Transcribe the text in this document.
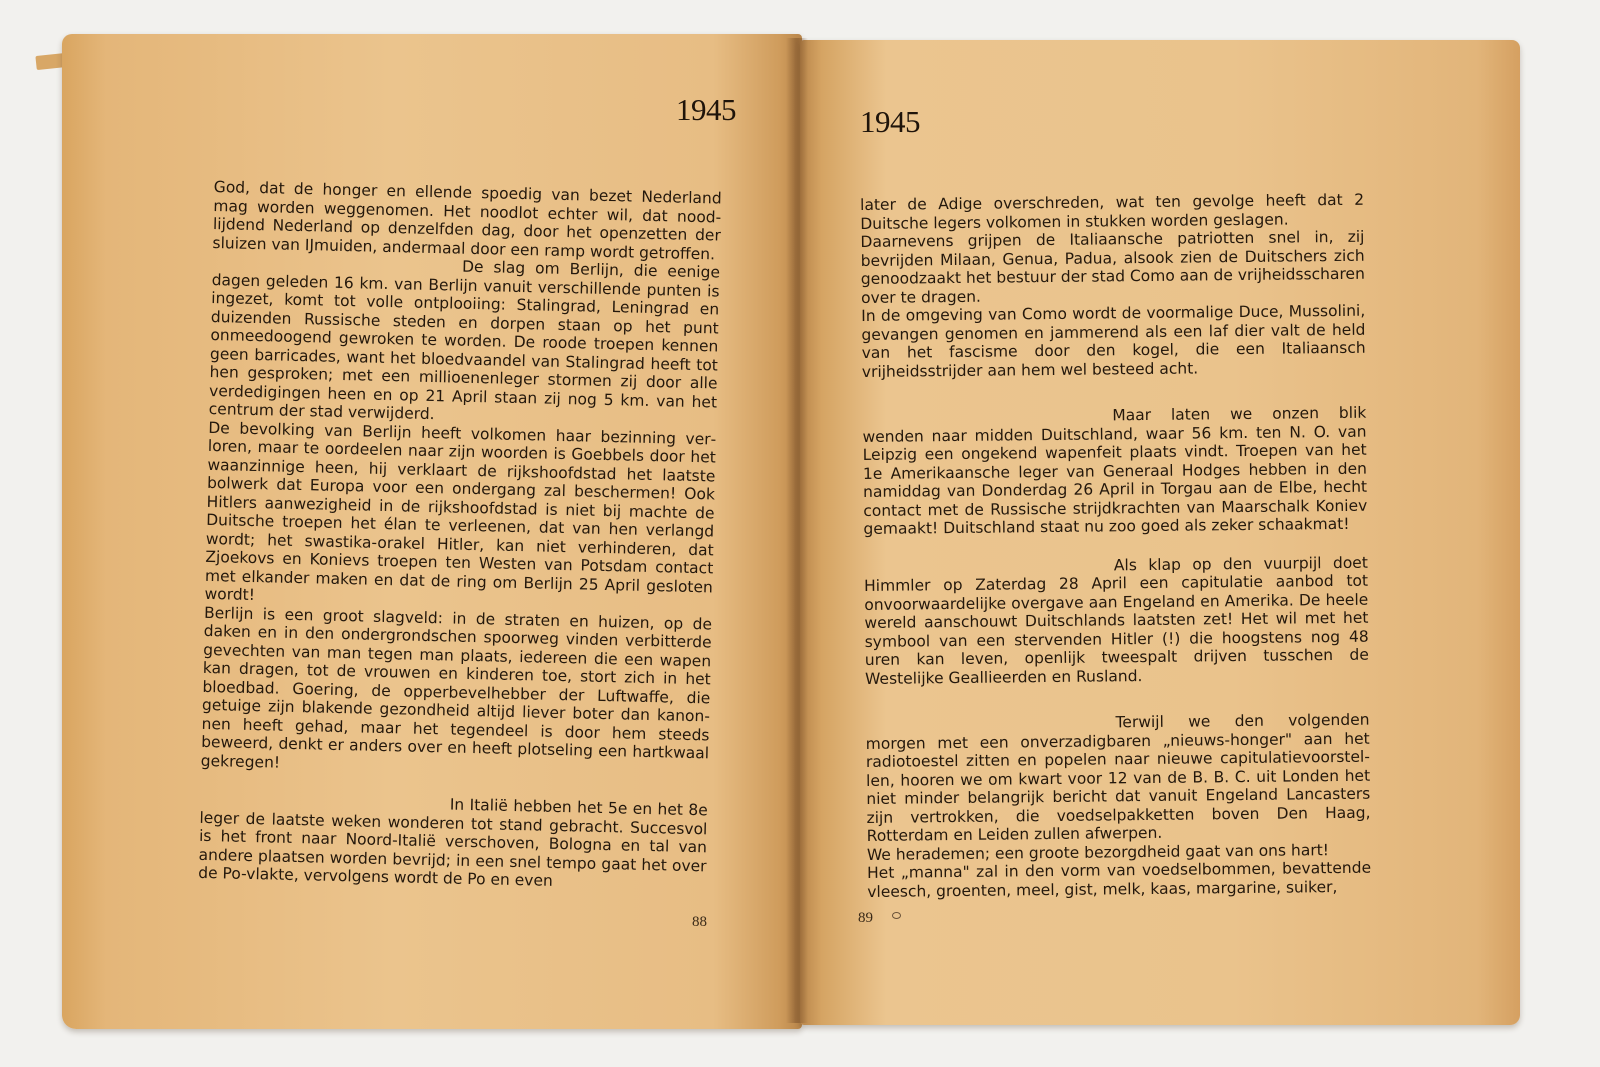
1945

God, dat de honger en ellende spoedig van bezet Nederland mag worden weggenomen. Het noodlot echter wil, dat noodlijdend Nederland op denzelfden dag, door het openzetten der sluizen van IJmuiden, andermaal door een ramp wordt getroffen.

De slag om Berlijn, die eenige dagen geleden 16 km. van Berlijn vanuit verschillende punten is ingezet, komt tot volle ontplooiing: Stalingrad, Leningrad en duizenden Russische steden en dorpen staan op het punt onmeedoogend gewroken te worden. De roode troepen kennen geen barricades, want het bloedvaandel van Stalingrad heeft tot hen gesproken; met een millioenenleger stormen zij door alle verdedigingen heen en op 21 April staan zij nog 5 km. van het centrum der stad verwijderd.

De bevolking van Berlijn heeft volkomen haar bezinning verloren, maar te oordeelen naar zijn woorden is Goebbels door het waanzinnige heen, hij verklaart de rijkshoofdstad het laatste bolwerk dat Europa voor een ondergang zal beschermen! Ook Hitlers aanwezigheid in de rijkshoofdstad is niet bij machte de Duitsche troepen het élan te verleenen, dat van hen verlangd wordt; het swastika-orakel Hitler, kan niet verhinderen, dat Zjoekovs en Konievs troepen ten Westen van Potsdam contact met elkander maken en dat de ring om Berlijn 25 April gesloten wordt!

Berlijn is een groot slagveld: in de straten en huizen, op de daken en in den ondergrondschen spoorweg vinden verbitterde gevechten van man tegen man plaats, iedereen die een wapen kan dragen, tot de vrouwen en kinderen toe, stort zich in het bloedbad. Goering, de opperbevelhebber der Luftwaffe, die getuige zijn blakende gezondheid altijd liever boter dan kanonnen heeft gehad, maar het tegendeel is door hem steeds beweerd, denkt er anders over en heeft plotseling een hartkwaal gekregen!

In Italië hebben het 5e en het 8e leger de laatste weken wonderen tot stand gebracht. Succesvol is het front naar Noord-Italië verschoven, Bologna en tal van andere plaatsen worden bevrijd; in een snel tempo gaat het over de Po-vlakte, vervolgens wordt de Po en even

88
1945

later de Adige overschreden, wat ten gevolge heeft dat 2 Duitsche legers volkomen in stukken worden geslagen.

Daarnevens grijpen de Italiaansche patriotten snel in, zij bevrijden Milaan, Genua, Padua, alsook zien de Duitschers zich genoodzaakt het bestuur der stad Como aan de vrijheidsscharen over te dragen.

In de omgeving van Como wordt de voormalige Duce, Mussolini, gevangen genomen en jammerend als een laf dier valt de held van het fascisme door den kogel, die een Italiaansch vrijheidsstrijder aan hem wel besteed acht.

Maar laten we onzen blik wenden naar midden Duitschland, waar 56 km. ten N. O. van Leipzig een ongekend wapenfeit plaats vindt. Troepen van het 1e Amerikaansche leger van Generaal Hodges hebben in den namiddag van Donderdag 26 April in Torgau aan de Elbe, hecht contact met de Russische strijdkrachten van Maarschalk Koniev gemaakt! Duitschland staat nu zoo goed als zeker schaakmat!

Als klap op den vuurpijl doet Himmler op Zaterdag 28 April een capitulatie aanbod tot onvoorwaardelijke overgave aan Engeland en Amerika. De heele wereld aanschouwt Duitschlands laatsten zet! Het wil met het symbool van een stervenden Hitler (!) die hoogstens nog 48 uren kan leven, openlijk tweespalt drijven tusschen de Westelijke Geallieerden en Rusland.

Terwijl we den volgenden morgen met een onverzadigbaren „nieuws-honger" aan het radiotoestel zitten en popelen naar nieuwe capitulatievoorstellen, hooren we om kwart voor 12 van de B. B. C. uit Londen het niet minder belangrijk bericht dat vanuit Engeland Lancasters zijn vertrokken, die voedselpakketten boven Den Haag, Rotterdam en Leiden zullen afwerpen.

We herademen; een groote bezorgdheid gaat van ons hart!

Het „manna" zal in den vorm van voedselbommen, bevattende vleesch, groenten, meel, gist, melk, kaas, margarine, suiker,

89
